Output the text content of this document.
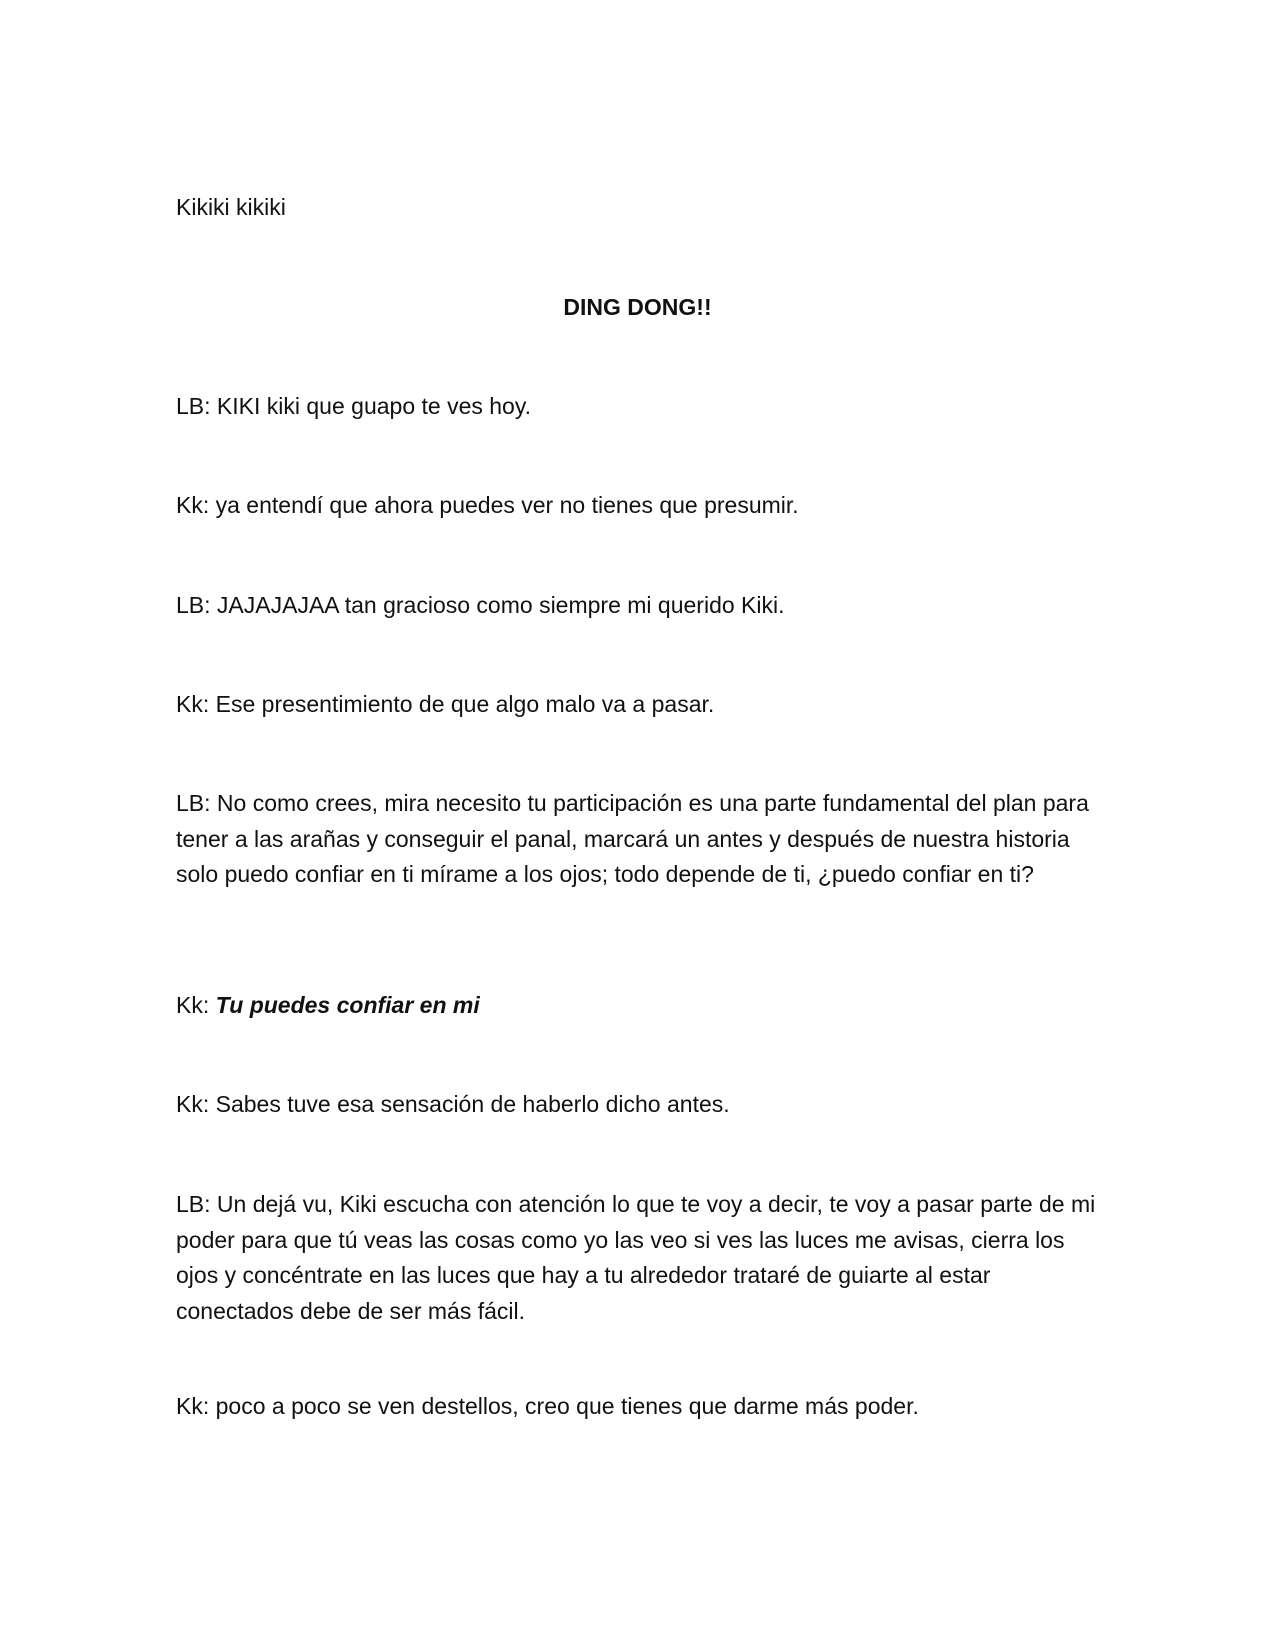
Kikiki kikiki

DING DONG!!

LB: KIKI kiki que guapo te ves hoy.

Kk: ya entendí que ahora puedes ver no tienes que presumir.

LB: JAJAJAJAA tan gracioso como siempre mi querido Kiki.

Kk: Ese presentimiento de que algo malo va a pasar.

LB: No como crees, mira necesito tu participación es una parte fundamental del plan para tener a las arañas y conseguir el panal, marcará un antes y después de nuestra historia solo puedo confiar en ti mírame a los ojos; todo depende de ti, ¿puedo confiar en ti?

Kk: Tu puedes confiar en mi

Kk: Sabes tuve esa sensación de haberlo dicho antes.

LB: Un dejá vu, Kiki escucha con atención lo que te voy a decir, te voy a pasar parte de mi poder para que tú veas las cosas como yo las veo si ves las luces me avisas, cierra los ojos y concéntrate en las luces que hay a tu alrededor trataré de guiarte al estar conectados debe de ser más fácil.

Kk: poco a poco se ven destellos, creo que tienes que darme más poder.
